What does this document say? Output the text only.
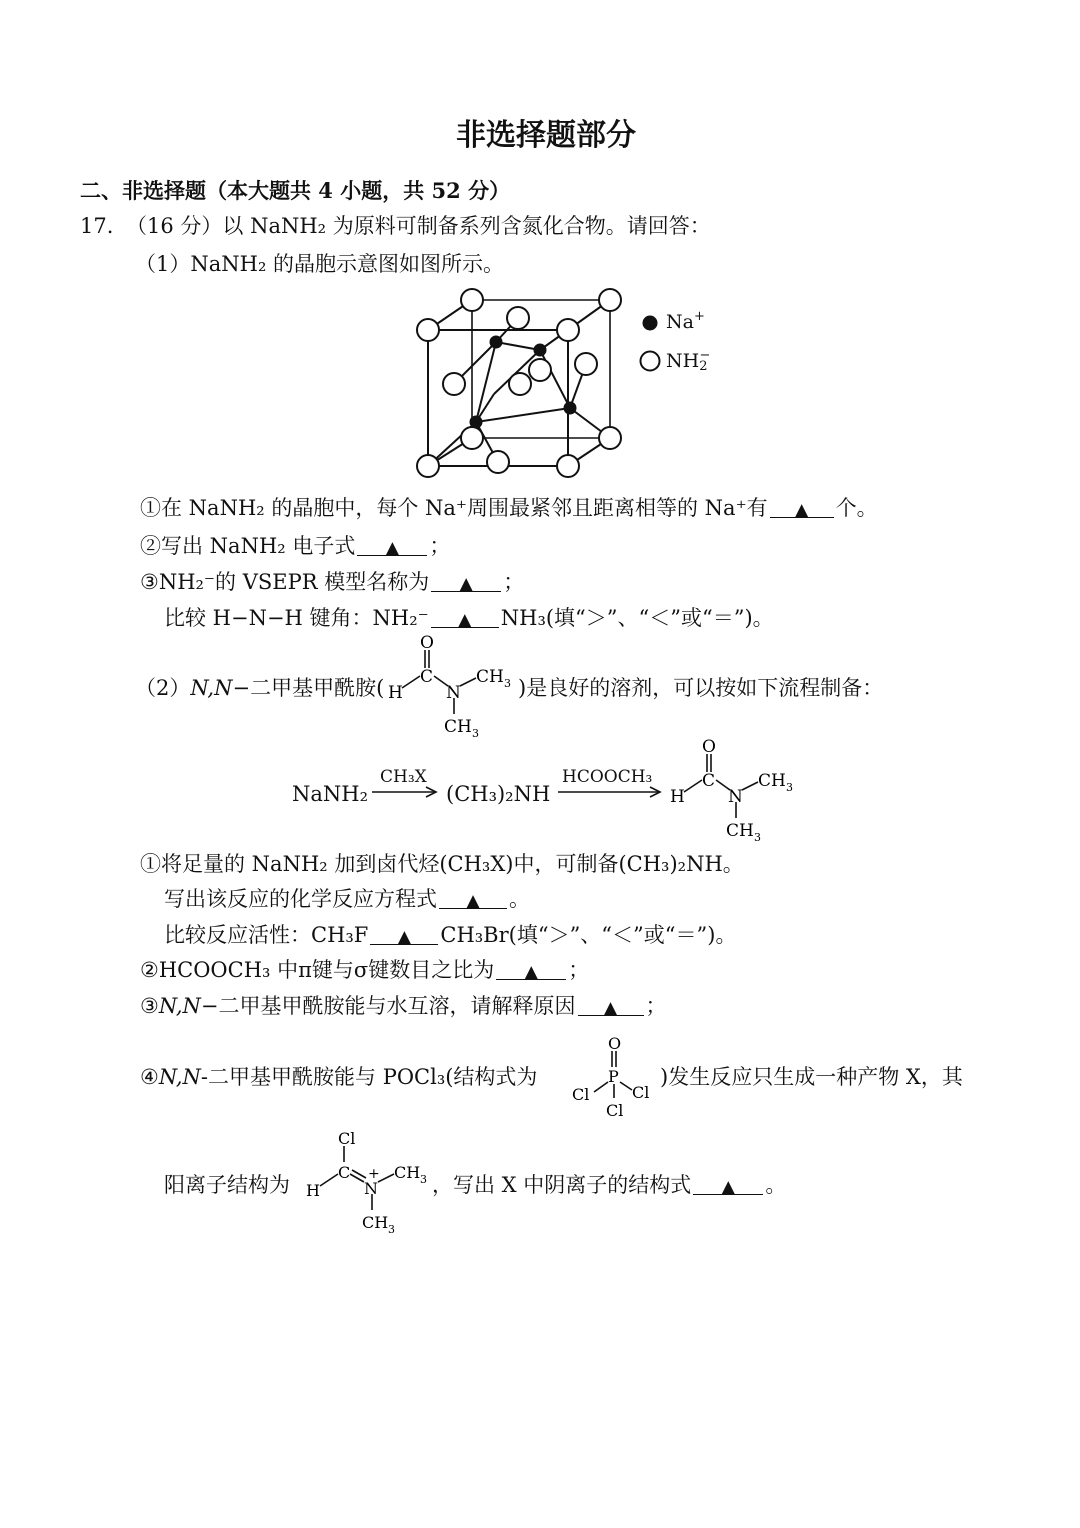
非选择题部分
二、非选择题（本大题共 4 小题，共 52 分）
17. （16 分）以 NaNH₂ 为原料可制备系列含氮化合物。请回答：
（1）NaNH₂ 的晶胞示意图如图所示。
Na+
$NH_2^-$
①在 NaNH₂ 的晶胞中，每个 Na⁺周围最紧邻且距离相等的 Na⁺有 ▲ 个。
②写出 NaNH₂ 电子式 ▲ ；
③NH₂⁻的 VSEPR 模型名称为 ▲ ；
比较 H−N−H 键角：NH₂⁻ ▲ NH₃(填“＞”、“＜”或“＝”)。
（2）N,N−二甲基甲酰胺(
O
C
H	N
CH 3
CH 3
)是良好的溶剂，可以按如下流程制备：
NaNH₂
CH₃X
(CH₃)₂NH
HCOOCH₃
O
C
H	N
CH 3
CH 3
①将足量的 NaNH₂ 加到卤代烃(CH₃X)中，可制备(CH₃)₂NH。
写出该反应的化学反应方程式 ▲ 。
比较反应活性：CH₃F ▲ CH₃Br(填“＞”、“＜”或“＝”)。
②HCOOCH₃ 中π键与σ键数目之比为 ▲ ；
③N,N−二甲基甲酰胺能与水互溶，请解释原因 ▲ ；
④N,N-二甲基甲酰胺能与 POCl₃(结构式为
O
P
Cl	Cl
Cl
)发生反应只生成一种产物 X，其
阳离子结构为
Cl
C
H	N
+ CH 3
CH 3
，写出 X 中阴离子的结构式 ▲ 。
